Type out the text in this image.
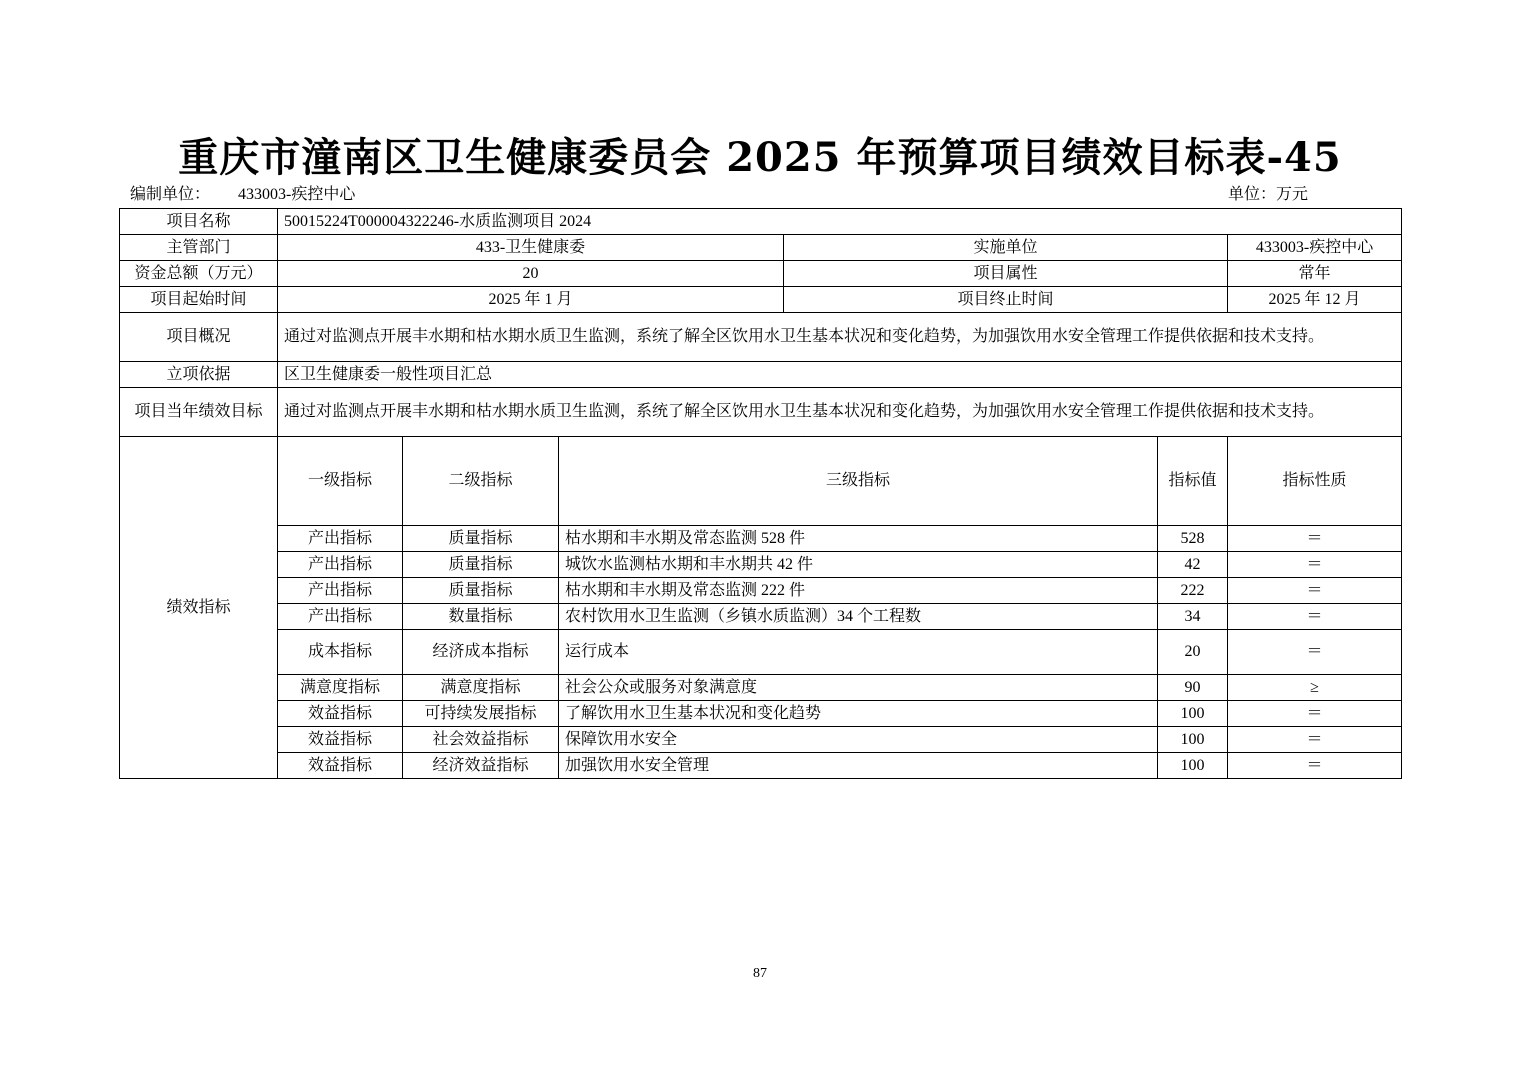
重庆市潼南区卫生健康委员会 2025 年预算项目绩效目标表-45
编制单位： 433003-疾控中心	单位：万元
项目名称	50015224T000004322246-水质监测项目 2024						
主管部门	433-卫生健康委			实施单位		433003-疾控中心	
资金总额（万元）	20			项目属性		常年	
项目起始时间	2025 年 1 月			项目终止时间		2025 年 12 月	
项目概况	通过对监测点开展丰水期和枯水期水质卫生监测，系统了解全区饮用水卫生基本状况和变化趋势，为加强饮用水安全管理工作提供依据和技术支持。						
立项依据	区卫生健康委一般性项目汇总						
项目当年绩效目标	通过对监测点开展丰水期和枯水期水质卫生监测，系统了解全区饮用水卫生基本状况和变化趋势，为加强饮用水安全管理工作提供依据和技术支持。						
绩效指标	一级指标	二级指标	三级指标		指标值	指标性质	
	产出指标	质量指标	枯水期和丰水期及常态监测 528 件		528	＝	
	产出指标	质量指标	城饮水监测枯水期和丰水期共 42 件		42	＝	
	产出指标	质量指标	枯水期和丰水期及常态监测 222 件		222	＝	
	产出指标	数量指标	农村饮用水卫生监测（乡镇水质监测）34 个工程数		34	＝	
	成本指标	经济成本指标	运行成本		20	＝	
	满意度指标	满意度指标	社会公众或服务对象满意度		90	≥	
	效益指标	可持续发展指标	了解饮用水卫生基本状况和变化趋势		100	＝	
	效益指标	社会效益指标	保障饮用水安全		100	＝	
	效益指标	经济效益指标	加强饮用水安全管理		100	＝	
87
